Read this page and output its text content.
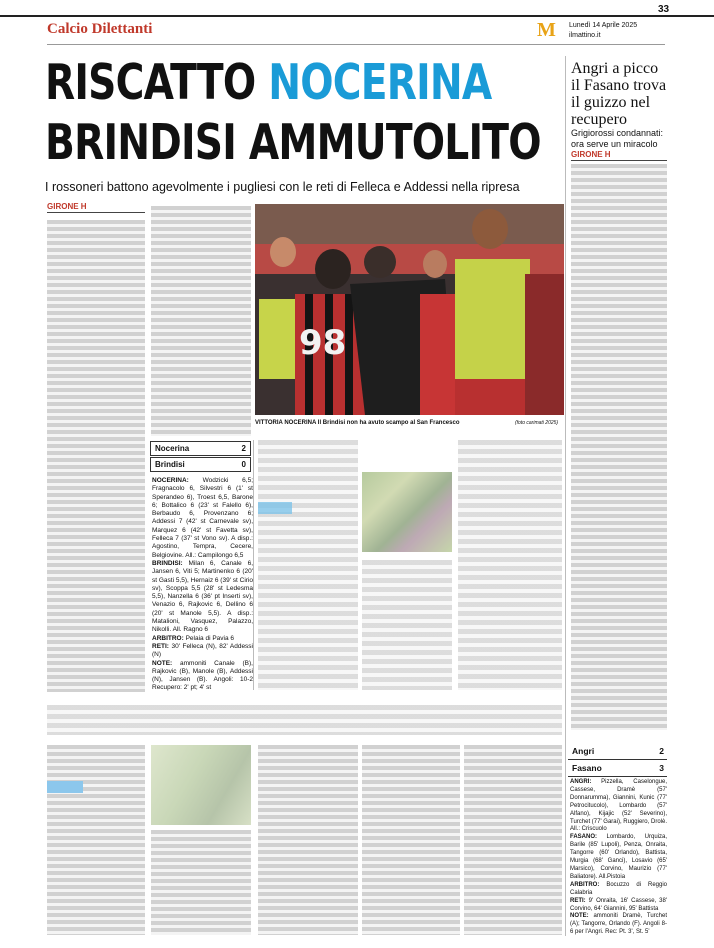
33
Calcio Dilettanti	M	Lunedì 14 Aprile 2025
ilmattino.it
RISCATTO NOCERINA
BRINDISI AMMUTOLITO
I rossoneri battono agevolmente i pugliesi con le reti di Felleca e Addessi nella ripresa
Angri a picco il Fasano trova il guizzo nel recupero
Grigiorossi condannati: ora serve un miracolo
GIRONE H
Angri	2
Fasano	3
ANGRI: Pizzella, Caselongue, Cassese, Dramè (57' Donnarumma), Giannini, Kunic (77' Petrocitucolo), Lombardo (57' Alfano), Kijajic (52' Severino), Turchet (77' Garai), Ruggiero, Drolè. All.: Criscuolo
FASANO: Lombardo, Urquiza, Barile (85' Lupoli), Penza, Onraita, Tangorre (60' Orlando), Battista, Murgia (68' Ganci), Losavio (65' Marsico), Corvino, Maurizio (77' Baliatore). All.Pistoia
ARBITRO: Bocuzzo di Reggio Calabria
RETI: 9' Onraita, 16' Cassese, 38' Corvino, 64' Giannini, 95' Battista
NOTE: ammoniti Dramè, Turchet (A); Tangorre, Orlando (F). Angoli 8-6 per l'Angri. Rec: Pt. 3', St. 5'
GIRONE H
98
VITTORIA NOCERINA Il Brindisi non ha avuto scampo al San Francesco	(foto carimati 2025)
Nocerina	2
Brindisi	0
NOCERINA: Wodzicki 6,5; Fragnacolo 6, Silvestri 6 (1' st Sperandeo 6), Troest 6,5, Barone 6; Bottalico 6 (23' st Falello 6), Berbaudo 6, Provenzano 6; Addessi 7 (42' st Carnevale sv), Marquez 6 (42' st Favetta sv), Felleca 7 (37' st Vono sv). A disp.: Agostino, Tempra, Cecere, Belgiovine. All.: Campilongo 6,5
BRINDISI: Milan 6, Canale 6, Jansen 6, Viti 5; Martinenko 6 (20' st Gasti 5,5), Hernaiz 6 (39' st Cirio sv), Scoppa 5,5 (28' st Ledesma 5,5), Nanzella 6 (36' pt Inserti sv), Venazio 6, Rajkovic 6, Dellino 6 (20' st Manole 5,5). A disp.: Matalioni, Vasquez, Palazzo, Nikolli. All. Ragno 6
ARBITRO: Pelaia di Pavia 6
RETI: 30' Felleca (N), 82' Addessi (N)
NOTE: ammoniti Canale (B), Rajkovic (B), Manole (B), Addessi (N), Jansen (B). Angoli: 10-2 Recupero: 2' pt; 4' st
